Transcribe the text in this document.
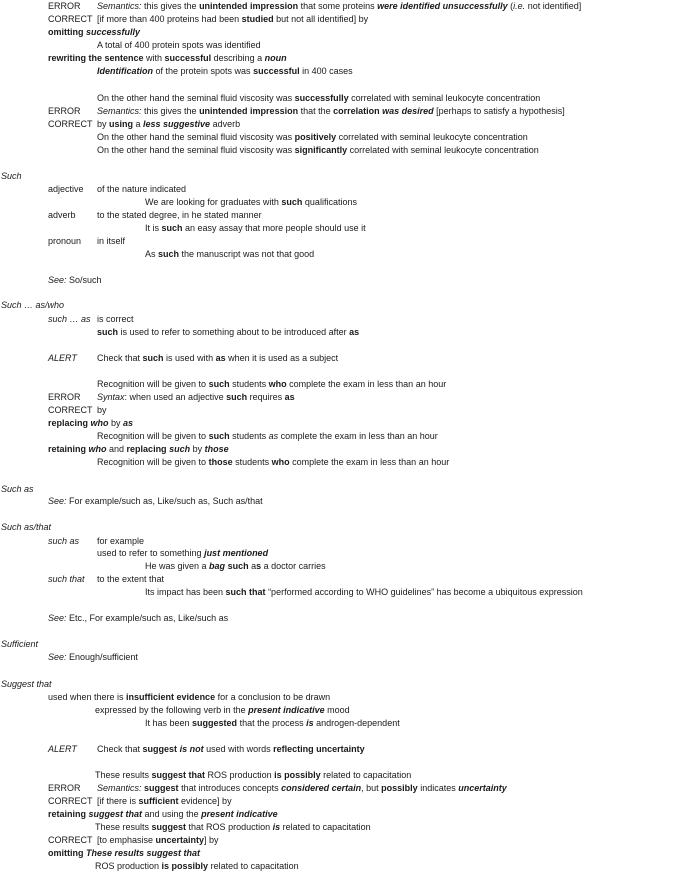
ERROR Semantics: this gives the unintended impression that some proteins were identified unsuccessfully (i.e. not identified]
CORRECT [if more than 400 proteins had been studied but not all identified] by
omitting successfully
A total of 400 protein spots was identified
rewriting the sentence with successful describing a noun
Identification of the protein spots was successful in 400 cases
On the other hand the seminal fluid viscosity was successfully correlated with seminal leukocyte concentration
ERROR Semantics: this gives the unintended impression that the correlation was desired [perhaps to satisfy a hypothesis]
CORRECT by using a less suggestive adverb
On the other hand the seminal fluid viscosity was positively correlated with seminal leukocyte concentration
On the other hand the seminal fluid viscosity was significantly correlated with seminal leukocyte concentration
Such
adjective of the nature indicated
We are looking for graduates with such qualifications
adverb to the stated degree, in he stated manner
It is such an easy assay that more people should use it
pronoun in itself
As such the manuscript was not that good
See: So/such
Such … as/who
such … as is correct
such is used to refer to something about to be introduced after as
ALERT Check that such is used with as when it is used as a subject
Recognition will be given to such students who complete the exam in less than an hour
ERROR Syntax: when used an adjective such requires as
CORRECT by
replacing who by as
Recognition will be given to such students as complete the exam in less than an hour
retaining who and replacing such by those
Recognition will be given to those students who complete the exam in less than an hour
Such as
See: For example/such as, Like/such as, Such as/that
Such as/that
such as for example
used to refer to something just mentioned
He was given a bag such as a doctor carries
such that to the extent that
Its impact has been such that “performed according to WHO guidelines” has become a ubiquitous expression
See: Etc., For example/such as, Like/such as
Sufficient
See: Enough/sufficient
Suggest that
used when there is insufficient evidence for a conclusion to be drawn
expressed by the following verb in the present indicative mood
It has been suggested that the process is androgen-dependent
ALERT Check that suggest is not used with words reflecting uncertainty
These results suggest that ROS production is possibly related to capacitation
ERROR Semantics: suggest that introduces concepts considered certain, but possibly indicates uncertainty
CORRECT [if there is sufficient evidence] by
retaining suggest that and using the present indicative
These results suggest that ROS production is related to capacitation
CORRECT [to emphasise uncertainty] by
omitting These results suggest that
ROS production is possibly related to capacitation
